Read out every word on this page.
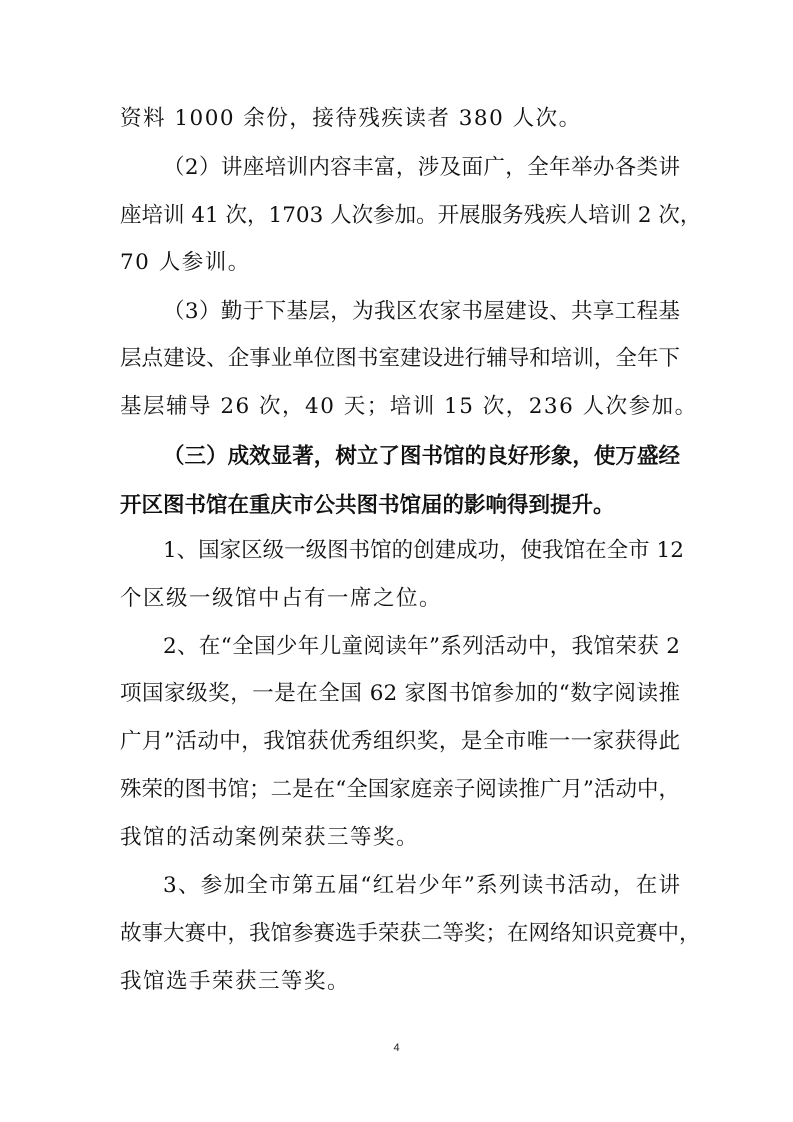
资料 1000 余份，接待残疾读者 380 人次。
（2）讲座培训内容丰富，涉及面广，全年举办各类讲
座培训 41 次，1703 人次参加。开展服务残疾人培训 2 次，
70 人参训。
（3）勤于下基层，为我区农家书屋建设、共享工程基
层点建设、企事业单位图书室建设进行辅导和培训，全年下
基层辅导 26 次，40 天；培训 15 次，236 人次参加。
（三）成效显著，树立了图书馆的良好形象，使万盛经
开区图书馆在重庆市公共图书馆届的影响得到提升。
1、国家区级一级图书馆的创建成功，使我馆在全市 12
个区级一级馆中占有一席之位。
2、在“全国少年儿童阅读年”系列活动中，我馆荣获 2
项国家级奖，一是在全国 62 家图书馆参加的“数字阅读推
广月”活动中，我馆获优秀组织奖，是全市唯一一家获得此
殊荣的图书馆；二是在“全国家庭亲子阅读推广月”活动中，
我馆的活动案例荣获三等奖。
3、参加全市第五届“红岩少年”系列读书活动，在讲
故事大赛中，我馆参赛选手荣获二等奖；在网络知识竞赛中，
我馆选手荣获三等奖。
4
